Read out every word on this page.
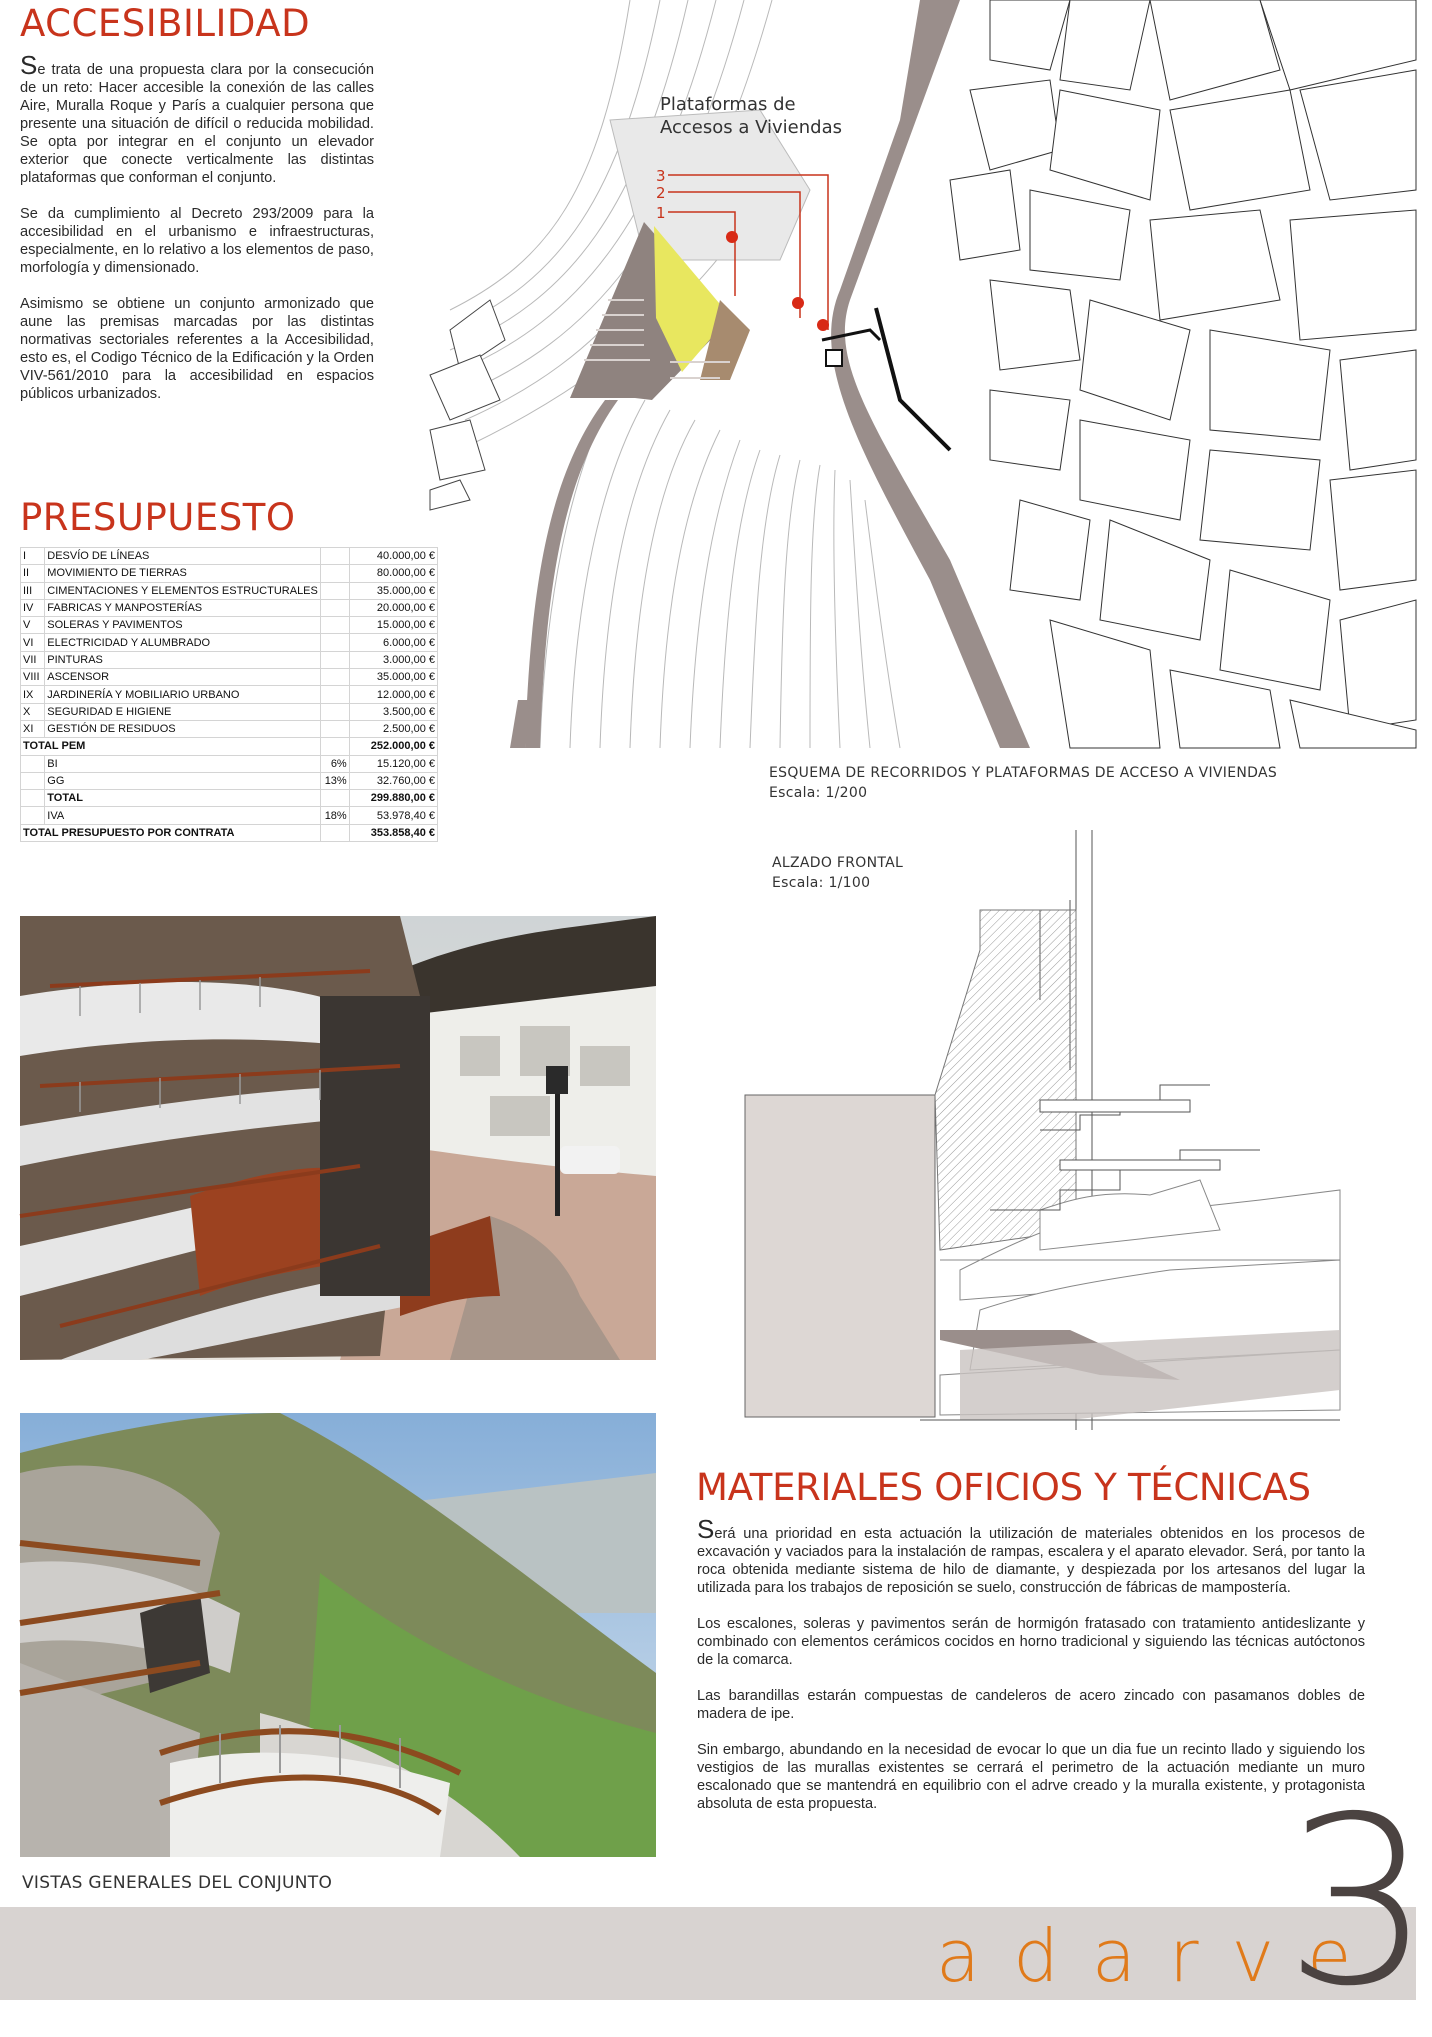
ACCESIBILIDAD

Se trata de una propuesta clara por la consecución de un reto: Hacer accesible la conexión de las calles Aire, Muralla Roque y París a cualquier persona que presente una situación de difícil o reducida mobilidad. Se opta por integrar en el conjunto un elevador exterior que conecte verticalmente las distintas plataformas que conforman el conjunto.

Se da cumplimiento al Decreto 293/2009 para la accesibilidad en el urbanismo e infraestructuras, especialmente, en lo relativo a los elementos de paso, morfología y dimensionado.

Asimismo se obtiene un conjunto armonizado que aune las premisas marcadas por las distintas normativas sectoriales referentes a la Accesibilidad, esto es, el Codigo Técnico de la Edificación y la Orden VIV-561/2010 para la accesibilidad en espacios públicos urbanizados.

PRESUPUESTO
I	DESVÍO DE LÍNEAS		40.000,00 €
II	MOVIMIENTO DE TIERRAS		80.000,00 €
III	CIMENTACIONES Y ELEMENTOS ESTRUCTURALES		35.000,00 €
IV	FABRICAS Y MANPOSTERÍAS		20.000,00 €
V	SOLERAS Y PAVIMENTOS		15.000,00 €
VI	ELECTRICIDAD Y ALUMBRADO		6.000,00 €
VII	PINTURAS		3.000,00 €
VIII	ASCENSOR		35.000,00 €
IX	JARDINERÍA Y MOBILIARIO URBANO		12.000,00 €
X	SEGURIDAD E HIGIENE		3.500,00 €
XI	GESTIÓN DE RESIDUOS		2.500,00 €
TOTAL PEM			252.000,00 €
	BI	6%	15.120,00 €
	GG	13%	32.760,00 €
	TOTAL		299.880,00 €
	IVA	18%	53.978,40 €
TOTAL PRESUPUESTO POR CONTRATA			353.858,40 €
Plataformas de
Accesos a Viviendas
3
2
1
ESQUEMA DE RECORRIDOS Y PLATAFORMAS DE ACCESO A VIVIENDAS
Escala: 1/200
ALZADO FRONTAL
Escala: 1/100
VISTAS GENERALES DEL CONJUNTO
MATERIALES OFICIOS Y TÉCNICAS

Será una prioridad en esta actuación la utilización de materiales obtenidos en los procesos de excavación y vaciados para la instalación de rampas, escalera y el aparato elevador. Será, por tanto la roca obtenida mediante sistema de hilo de diamante, y despiezada por los artesanos del lugar la utilizada para los trabajos de reposición se suelo, construcción de fábricas de mampostería.

Los escalones, soleras y pavimentos serán de hormigón fratasado con tratamiento antideslizante y combinado con elementos cerámicos cocidos en horno tradicional y siguiendo las técnicas autóctonos de la comarca.

Las barandillas estarán compuestas de candeleros de acero zincado con pasamanos dobles de madera de ipe.

Sin embargo, abundando en la necesidad de evocar lo que un dia fue un recinto llado y siguiendo los vestigios de las murallas existentes se cerrará el perimetro de la actuación mediante un muro escalonado que se mantendrá en equilibrio con el adrve creado y la muralla existente, y protagonista absoluta de esta propuesta.

adarve
3
